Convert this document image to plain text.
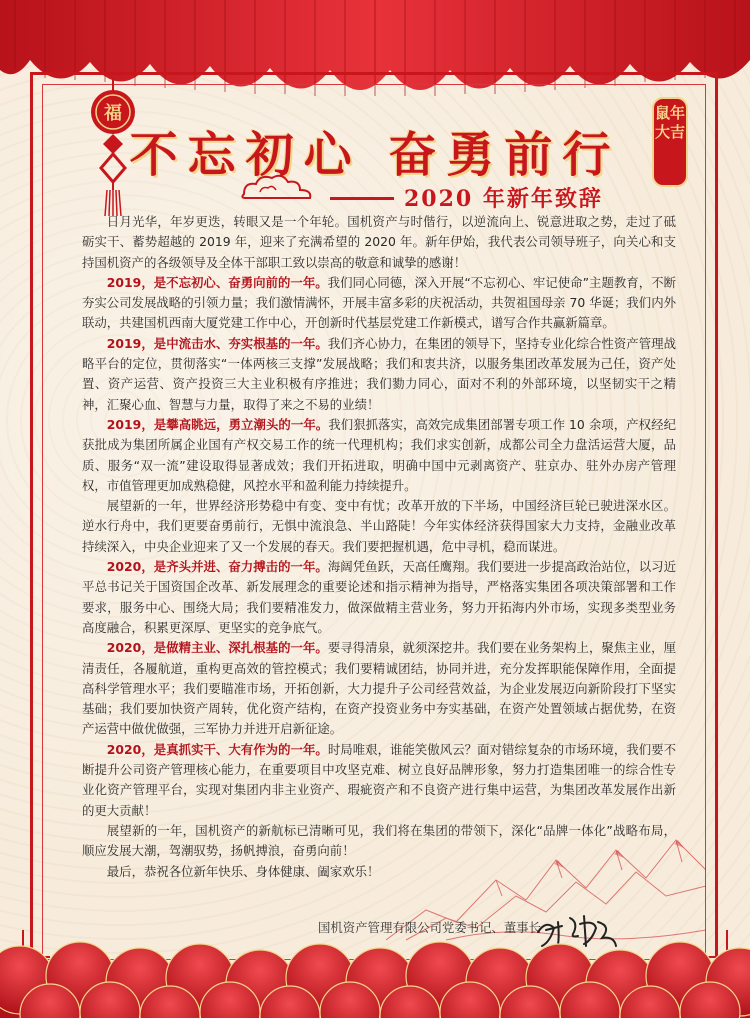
福	鼠年大吉
不忘初心 奋勇前行
2020 年新年致辞

日月光华，年岁更迭，转眼又是一个年轮。国机资产与时偕行，以逆流向上、锐意进取之势，走过了砥砺实干、蓄势超越的 2019 年，迎来了充满希望的 2020 年。新年伊始，我代表公司领导班子，向关心和支持国机资产的各级领导及全体干部职工致以崇高的敬意和诚挚的感谢！

2019，是不忘初心、奋勇向前的一年。我们同心同德，深入开展“不忘初心、牢记使命”主题教育，不断夯实公司发展战略的引领力量；我们激情满怀，开展丰富多彩的庆祝活动，共贺祖国母亲 70 华诞；我们内外联动，共建国机西南大厦党建工作中心，开创新时代基层党建工作新模式，谱写合作共赢新篇章。

2019，是中流击水、夯实根基的一年。我们齐心协力，在集团的领导下，坚持专业化综合性资产管理战略平台的定位，贯彻落实“一体两核三支撑”发展战略；我们和衷共济，以服务集团改革发展为己任，资产处置、资产运营、资产投资三大主业积极有序推进；我们勠力同心，面对不利的外部环境，以坚韧实干之精神，汇聚心血、智慧与力量，取得了来之不易的业绩！

2019，是攀高眺远，勇立潮头的一年。我们狠抓落实，高效完成集团部署专项工作 10 余项，产权经纪获批成为集团所属企业国有产权交易工作的统一代理机构；我们求实创新，成都公司全力盘活运营大厦，品质、服务“双一流”建设取得显著成效；我们开拓进取，明确中国中元剥离资产、驻京办、驻外办房产管理权，市值管理更加成熟稳健，风控水平和盈利能力持续提升。

展望新的一年，世界经济形势稳中有变、变中有忧；改革开放的下半场，中国经济巨轮已驶进深水区。逆水行舟中，我们更要奋勇前行，无惧中流浪急、半山路陡！今年实体经济获得国家大力支持，金融业改革持续深入，中央企业迎来了又一个发展的春天。我们要把握机遇，危中寻机，稳而谋进。

2020，是齐头并进、奋力搏击的一年。海阔凭鱼跃，天高任鹰翔。我们要进一步提高政治站位，以习近平总书记关于国资国企改革、新发展理念的重要论述和指示精神为指导，严格落实集团各项决策部署和工作要求，服务中心、围绕大局；我们要精准发力，做深做精主营业务，努力开拓海内外市场，实现多类型业务高度融合，积累更深厚、更坚实的竞争底气。

2020，是做精主业、深扎根基的一年。要寻得清泉，就须深挖井。我们要在业务架构上，聚焦主业，厘清责任，各履航道，重构更高效的管控模式；我们要精诚团结，协同并进，充分发挥职能保障作用，全面提高科学管理水平；我们要瞄准市场，开拓创新，大力提升子公司经营效益，为企业发展迈向新阶段打下坚实基础；我们要加快资产周转，优化资产结构，在资产投资业务中夯实基础，在资产处置领域占据优势，在资产运营中做优做强，三军协力并进开启新征途。

2020，是真抓实干、大有作为的一年。时局唯艰，谁能笑傲风云？面对错综复杂的市场环境，我们要不断提升公司资产管理核心能力，在重要项目中攻坚克难、树立良好品牌形象，努力打造集团唯一的综合性专业化资产管理平台，实现对集团内非主业资产、瑕疵资产和不良资产进行集中运营，为集团改革发展作出新的更大贡献！

展望新的一年，国机资产的新航标已清晰可见，我们将在集团的带领下，深化“品牌一体化”战略布局，顺应发展大潮，驾潮驭势，扬帆搏浪，奋勇向前！

最后，恭祝各位新年快乐、身体健康、阖家欢乐！

国机资产管理有限公司党委书记、董事长
